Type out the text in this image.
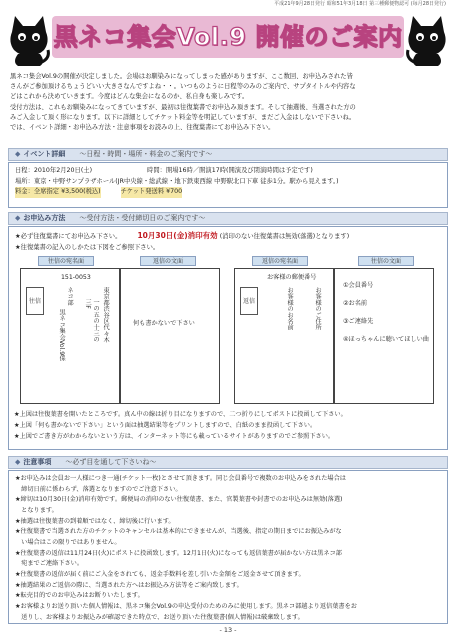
平成21年9月28日発行 昭和51年3月18日 第三種郵便物認可 (毎月28日発行)
黒ネコ集会Vol.9 開催のご案内
黒ネコ集会Vol.9の開催が決定しました。会場はお馴染みになってしまった感がありますが、ここ数回、お申込みされた皆
さんがご参加頂けるちょうどいい大きさなんですよね・・。いつものように日程等のみのご案内で、サプタイトルや内容な
どはこれから決めていきます。今度はどんな集会になるのか、私自身も楽しみです。
受付方法は、これもお馴染みになってきていますが、最初は往復葉書でお申込み頂きます。そして抽選後、当選された方の
みご入金して頂く形になります。以下に詳細としてチケット料金等を明記していますが、まだご入金はしないで下さいね。
では、イベント詳細・お申込み方法・注意事項をお読みの上、往復葉書にてお申込み下さい。
◆ イベント詳細 ～日程・時間・場所・料金のご案内です～
日程：2010年2月20日(土)	時間：開場16時／開演17時(開演及び閉演時間は予定です)
場所：東京・中野サンプラザホール(JR中央線・総武線・地下鉄東西線 中野駅北口下車 徒歩1分。駅から見えます。)
料金：全席指定 ¥3,500(税込)	チケット発送料 ¥700
◆ お申込み方法 ～受付方法・受付締切日のご案内です～
★必ず往復葉書にてお申込み下さい。 10月30日(金)消印有効 (消印のない往復葉書は無効(落選)となります)
★往復葉書の記入のしかたは下図をご参照下さい。
往信の宛名面	返信の文面	返信の宛名面	往信の文面
151-0053
往信	東京都渋谷区代々木
一の五の十三の
三F
ネコ部
黒ネコ集会Vol.9係	何も書かないで下さい
お客様の郵便番号
返信	お客様のご住所
お客様のお名前
①会員番号
②お名前
③ご連絡先
④ほっちゃんに聴いてほしい曲
★上図は往復葉書を開いたところです。真ん中の線は折り目になりますので、二つ折りにしてポストに投函して下さい。
★上図「何も書かないで下さい」という面は抽選結果等をプリントしますので、白紙のまま投函して下さい。
★上図でご書き方がわからないという方は、インターネット等にも載っているサイトがありますのでご参照下さい。
◆ 注意事項 ～必ず目を通して下さいね～
★お申込みは会員お一人様につき一通(チケット一枚)とさせて頂きます。同じ会員番号で複数のお申込みをされた場合は
　締切日前に係わらず、落選となりますのでご注意下さい。
★締切は10月30日(金)消印有効です。郵便局の消印のない往復葉書、また、官製葉書や封書でのお申込みは無効(落選)
　となります。
★抽選は往復葉書の到着順ではなく、締切後に行います。
★往復葉書で当選された方のチケットのキャンセルは基本的にできませんが、当選後、指定の期日までにお振込みがな
　い場合はこの限りではありません。
★往復葉書の返信は11月24日(火)にポストに投函致します。12月1日(火)になっても返信葉書が届かない方は黒ネコ部
　宛までご連絡下さい。
★往復葉書の返信が届く前にご入金をされても、返金手数料を差し引いた金額をご返金させて頂きます。
★抽選結果のご返信の際に、当選された方へはお振込み方法等をご案内致します。
★転売目的でのお申込みはお断りいたします。
★お客様よりお送り頂いた個人情報は、黒ネコ集会Vol.9の申込受付のためのみに使用します。黒ネコ部越より返信葉書をお
　送りし、お客様よりお振込みが確認できた時点で、お送り頂いた往復葉書(個人情報)は破棄致します。
- 13 -
